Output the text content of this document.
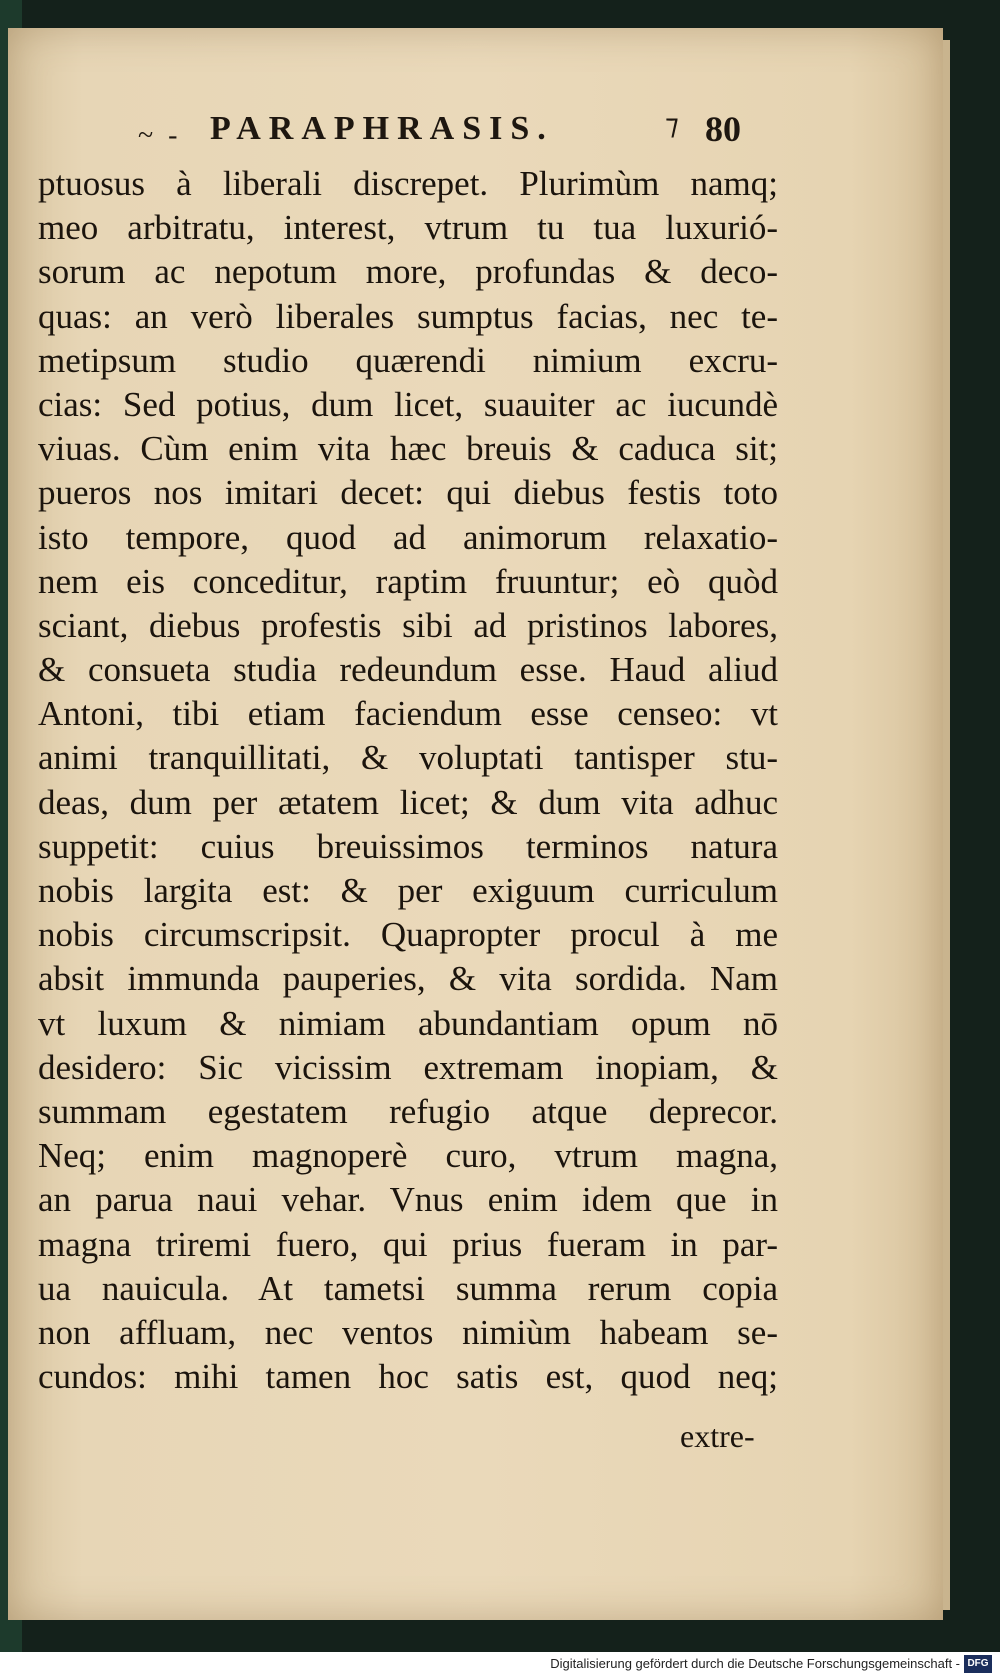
~ - PARAPHRASIS.	⁊ 80
ptuosus à liberali discrepet. Plurimùm namq;
meo arbitratu, interest, vtrum tu tua luxurió-
sorum ac nepotum more, profundas & deco-
quas: an verò liberales sumptus facias, nec te-
metipsum studio quærendi nimium excru-
cias: Sed potius, dum licet, suauiter ac iucundè
viuas. Cùm enim vita hæc breuis & caduca sit;
pueros nos imitari decet: qui diebus festis toto
isto tempore, quod ad animorum relaxatio-
nem eis conceditur, raptim fruuntur; eò quòd
sciant, diebus profestis sibi ad pristinos labores,
& consueta studia redeundum esse. Haud aliud
Antoni, tibi etiam faciendum esse censeo: vt
animi tranquillitati, & voluptati tantisper stu-
deas, dum per ætatem licet; & dum vita adhuc
suppetit: cuius breuissimos terminos natura
nobis largita est: & per exiguum curriculum
nobis circumscripsit. Quapropter procul à me
absit immunda pauperies, & vita sordida. Nam
vt luxum & nimiam abundantiam opum nō
desidero: Sic vicissim extremam inopiam, &
summam egestatem refugio atque deprecor.
Neq; enim magnoperè curo, vtrum magna,
an parua naui vehar. Vnus enim idem que in
magna triremi fuero, qui prius fueram in par-
ua nauicula. At tametsi summa rerum copia
non affluam, nec ventos nimiùm habeam se-
cundos: mihi tamen hoc satis est, quod neq;
extre-
Digitalisierung gefördert durch die Deutsche Forschungsgemeinschaft - DFG
